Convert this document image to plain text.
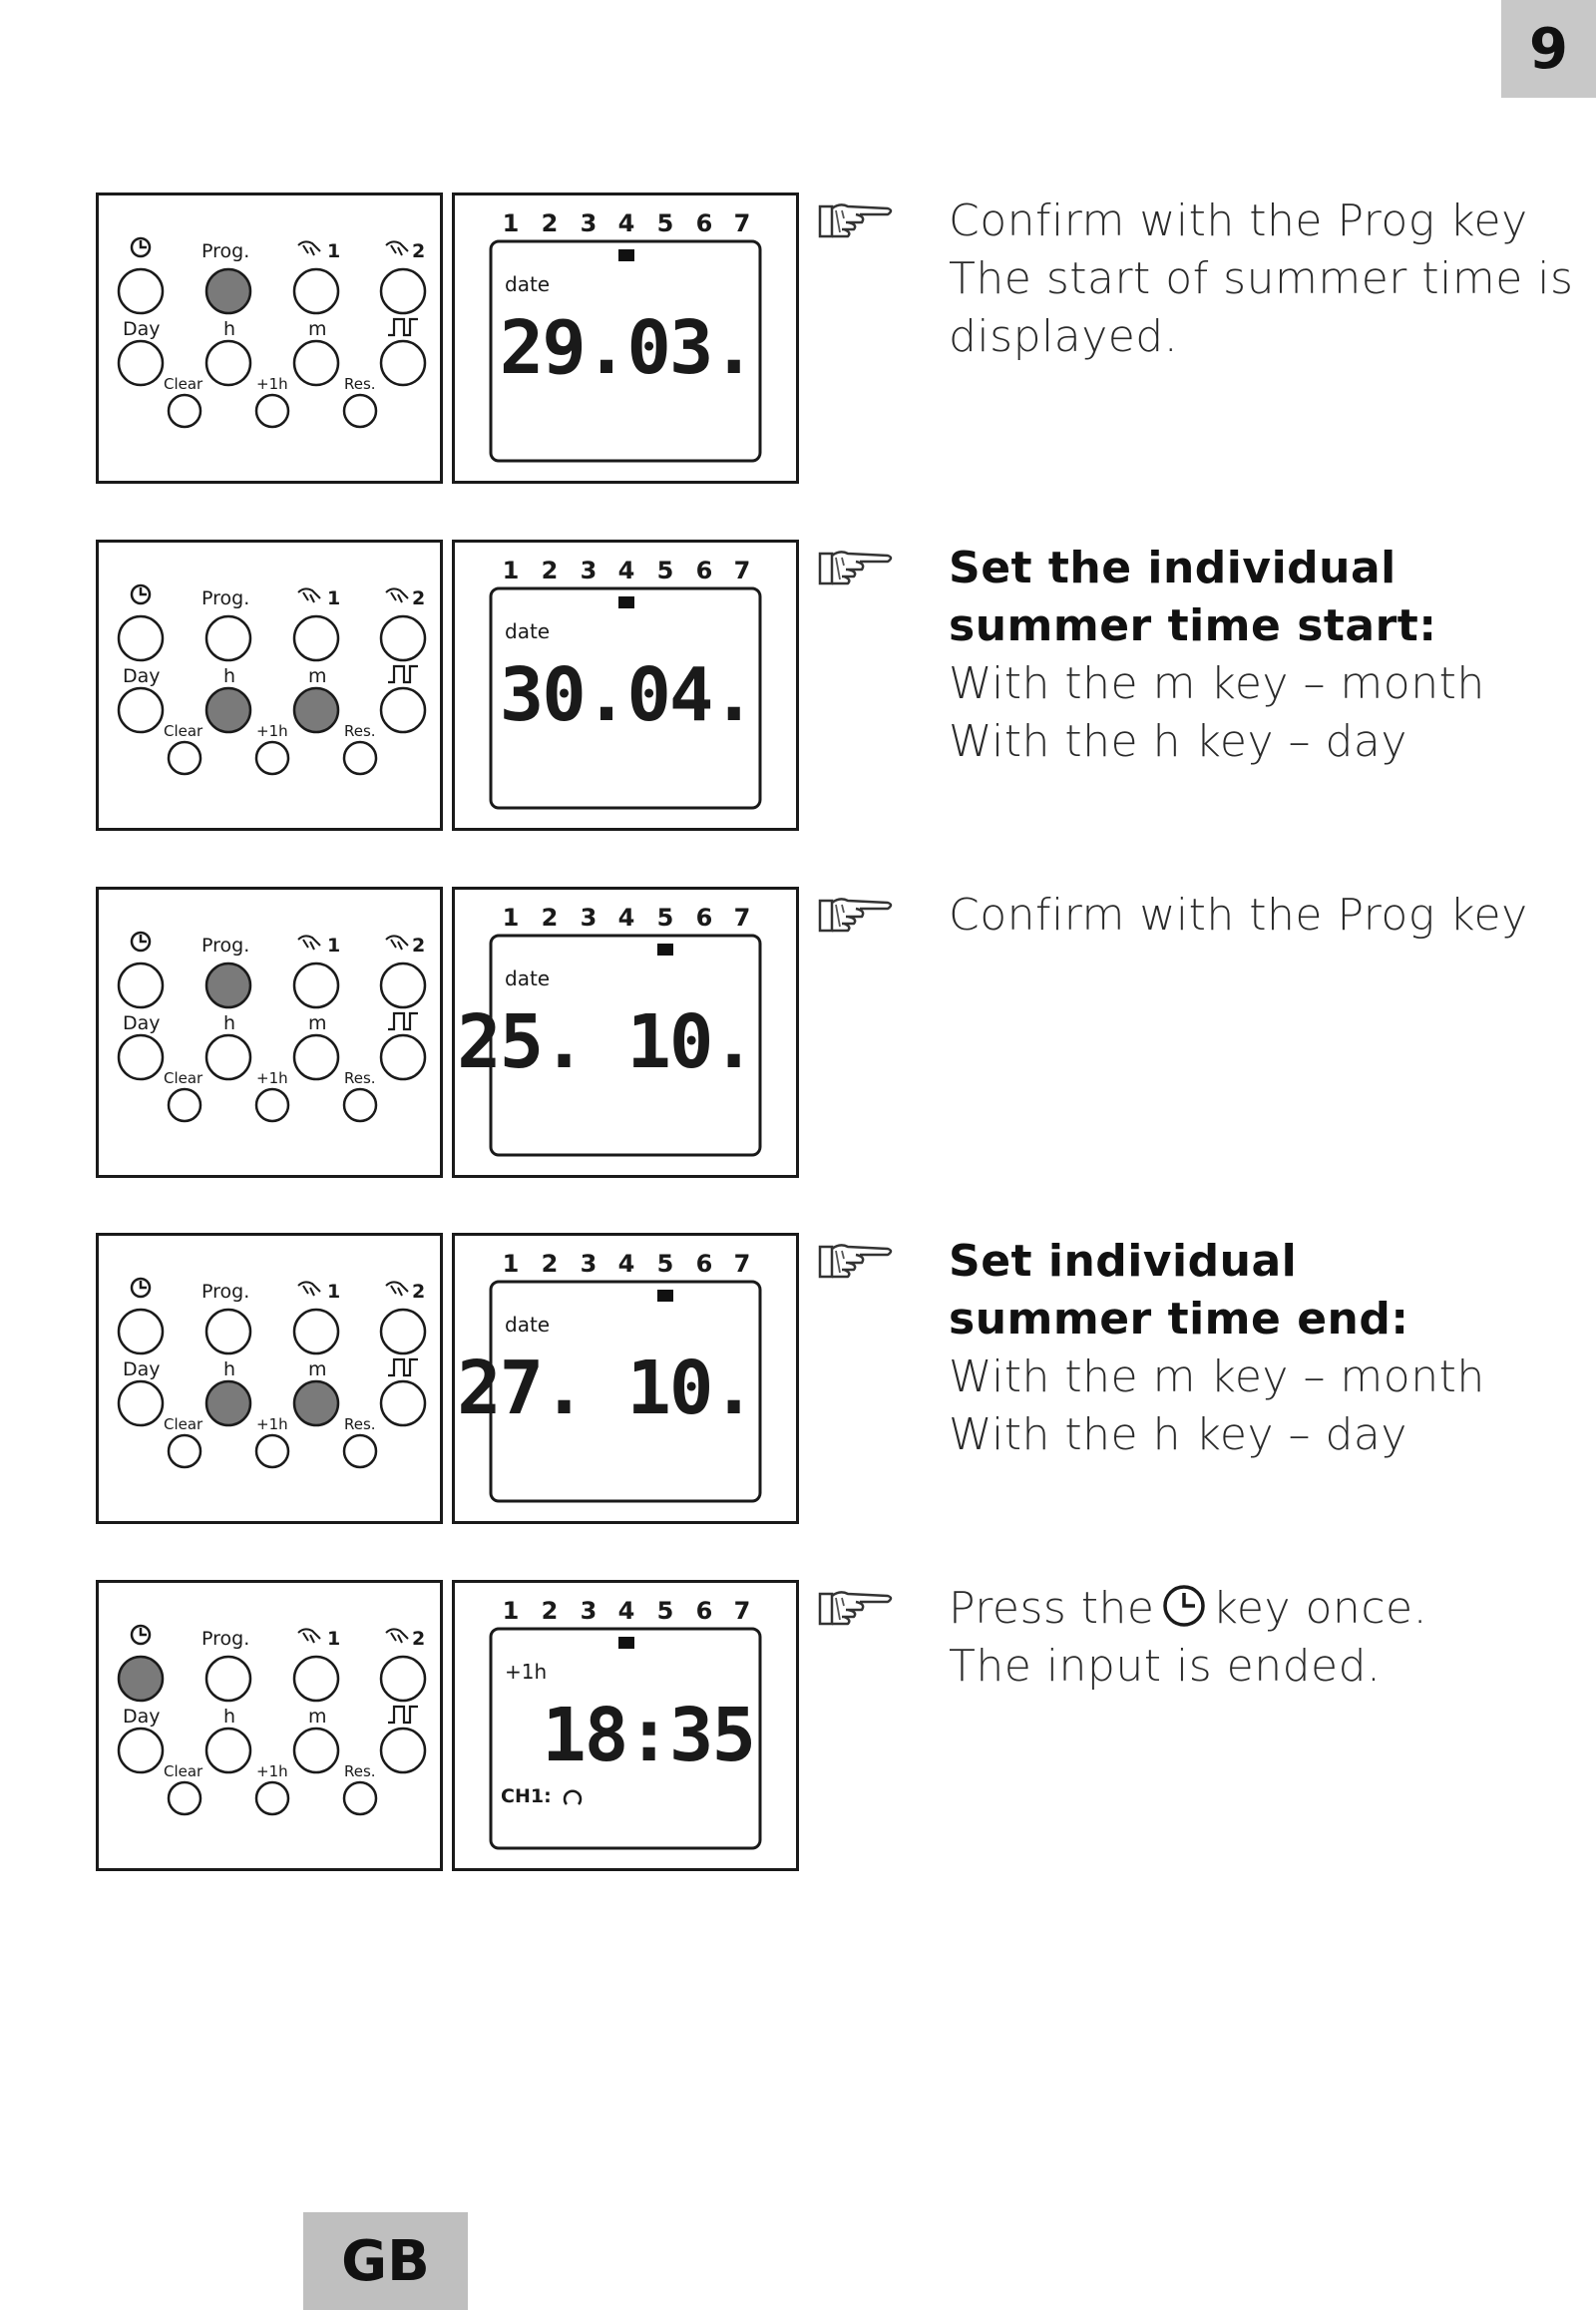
9
GB
Prog.	1	2
Day	h	m
Clear	+1h	Res.
1 2 3 4 5 6 7
date
29.03.
Confirm with the Prog key
The start of summer time is
displayed.
Prog.	1	2
Day	h	m
Clear	+1h	Res.
1 2 3 4 5 6 7
date
30.04.
Set the individual
summer time start:
With the m key – month
With the h key – day
Prog.	1	2
Day	h	m
Clear	+1h	Res.
1 2 3 4 5 6 7
date
25. 10.
Confirm with the Prog key
Prog.	1	2
Day	h	m
Clear	+1h	Res.
1 2 3 4 5 6 7
date
27. 10.
Set individual
summer time end:
With the m key – month
With the h key – day
Prog.	1	2
Day	h	m
Clear	+1h	Res.
1 2 3 4 5 6 7
+1h
18:35
CH1:
Press the key once.
The input is ended.
